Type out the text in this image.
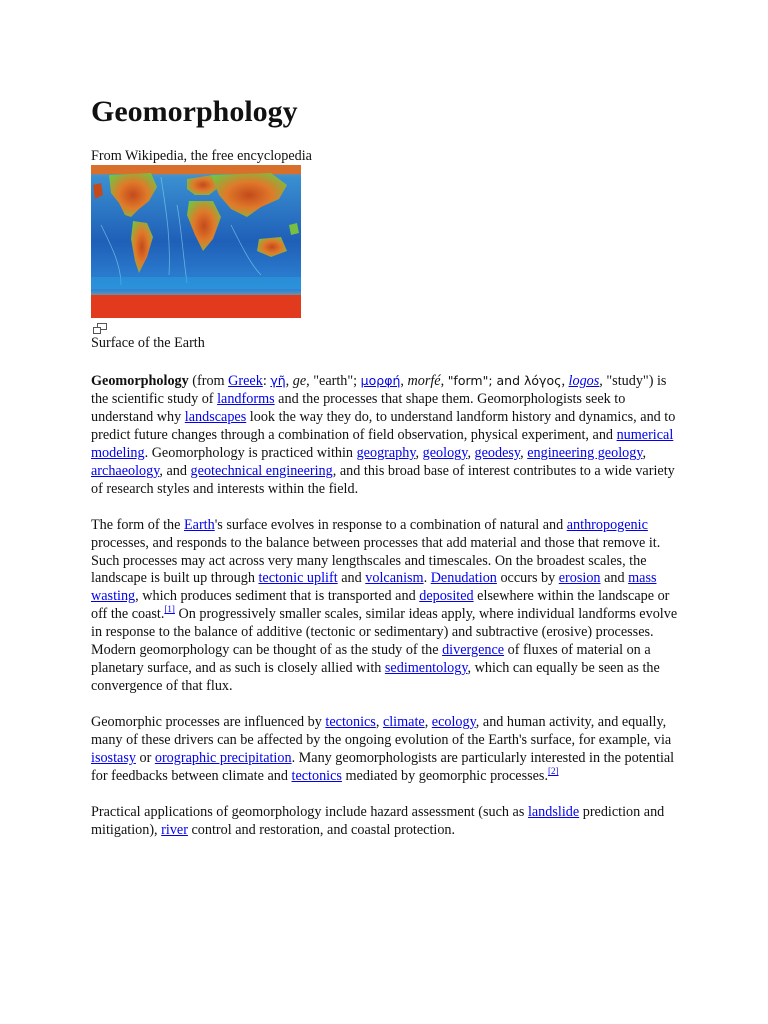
Geomorphology
From Wikipedia, the free encyclopedia
Surface of the Earth

Geomorphology (from Greek: γῆ, ge, "earth"; μορφή, morfé, "form"; and λόγος, logos, "study") is the scientific study of landforms and the processes that shape them. Geomorphologists seek to understand why landscapes look the way they do, to understand landform history and dynamics, and to predict future changes through a combination of field observation, physical experiment, and numerical modeling. Geomorphology is practiced within geography, geology, geodesy, engineering geology, archaeology, and geotechnical engineering, and this broad base of interest contributes to a wide variety of research styles and interests within the field.

The form of the Earth's surface evolves in response to a combination of natural and anthropogenic processes, and responds to the balance between processes that add material and those that remove it. Such processes may act across very many lengthscales and timescales. On the broadest scales, the landscape is built up through tectonic uplift and volcanism. Denudation occurs by erosion and mass wasting, which produces sediment that is transported and deposited elsewhere within the landscape or off the coast.[1] On progressively smaller scales, similar ideas apply, where individual landforms evolve in response to the balance of additive (tectonic or sedimentary) and subtractive (erosive) processes. Modern geomorphology can be thought of as the study of the divergence of fluxes of material on a planetary surface, and as such is closely allied with sedimentology, which can equally be seen as the convergence of that flux.

Geomorphic processes are influenced by tectonics, climate, ecology, and human activity, and equally, many of these drivers can be affected by the ongoing evolution of the Earth's surface, for example, via isostasy or orographic precipitation. Many geomorphologists are particularly interested in the potential for feedbacks between climate and tectonics mediated by geomorphic processes.[2]

Practical applications of geomorphology include hazard assessment (such as landslide prediction and mitigation), river control and restoration, and coastal protection.
